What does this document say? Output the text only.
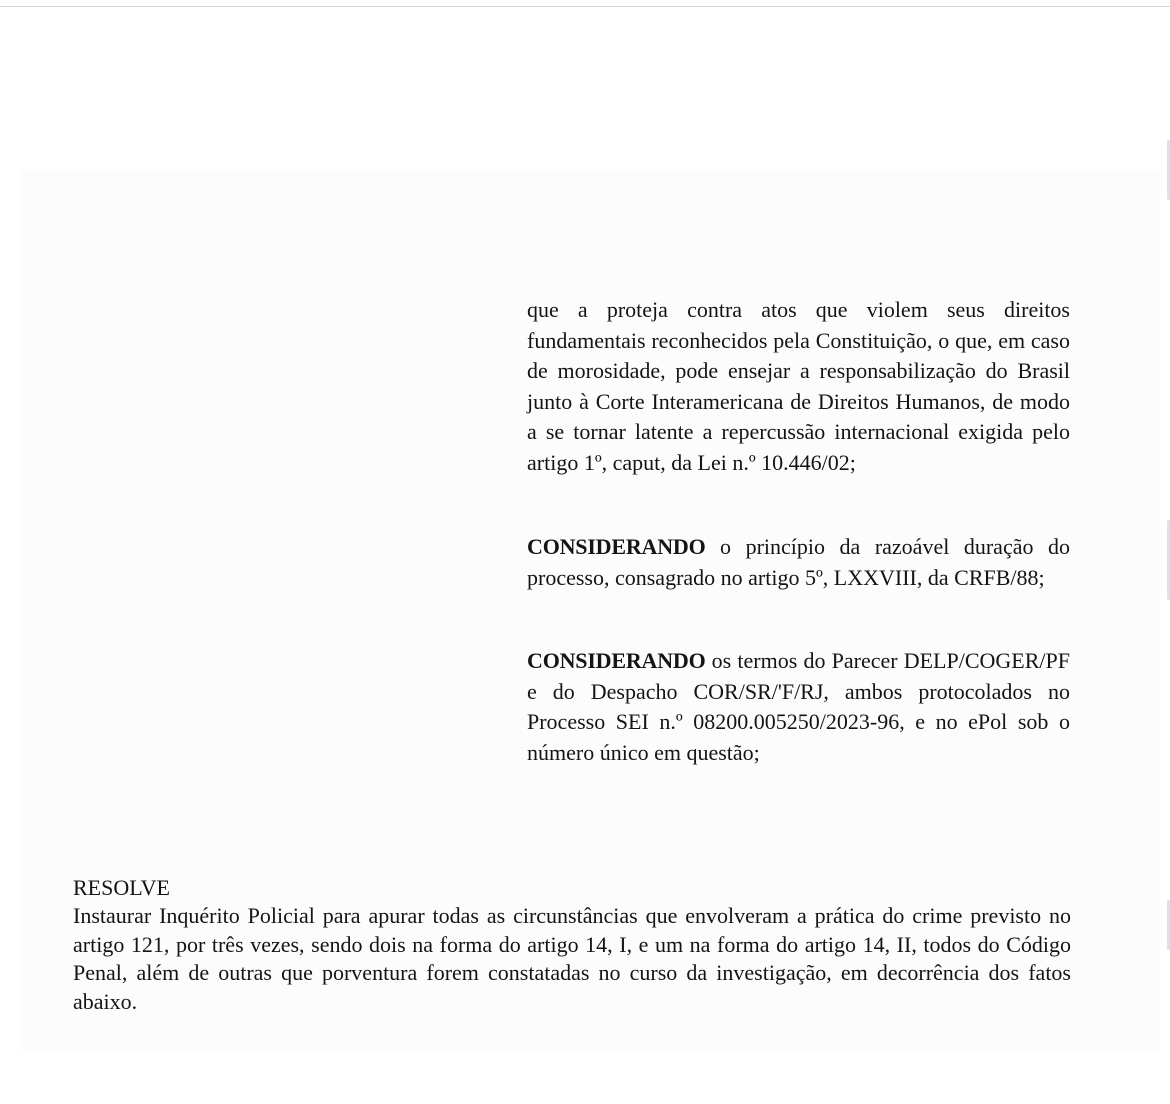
que a proteja contra atos que violem seus direitos fundamentais reconhecidos pela Constituição, o que, em caso de morosidade, pode ensejar a responsabilização do Brasil junto à Corte Interamericana de Direitos Humanos, de modo a se tornar latente a repercussão internacional exigida pelo artigo 1º, caput, da Lei n.º 10.446/02;

CONSIDERANDO o princípio da razoável duração do processo, consagrado no artigo 5º, LXXVIII, da CRFB/88;

CONSIDERANDO os termos do Parecer DELP/COGER/PF e do Despacho COR/SR/'F/RJ, ambos protocolados no Processo SEI n.º 08200.005250/2023-96, e no ePol sob o número único em questão;

RESOLVE

Instaurar Inquérito Policial para apurar todas as circunstâncias que envolveram a prática do crime previsto no artigo 121, por três vezes, sendo dois na forma do artigo 14, I, e um na forma do artigo 14, II, todos do Código Penal, além de outras que porventura forem constatadas no curso da investigação, em decorrência dos fatos abaixo.
